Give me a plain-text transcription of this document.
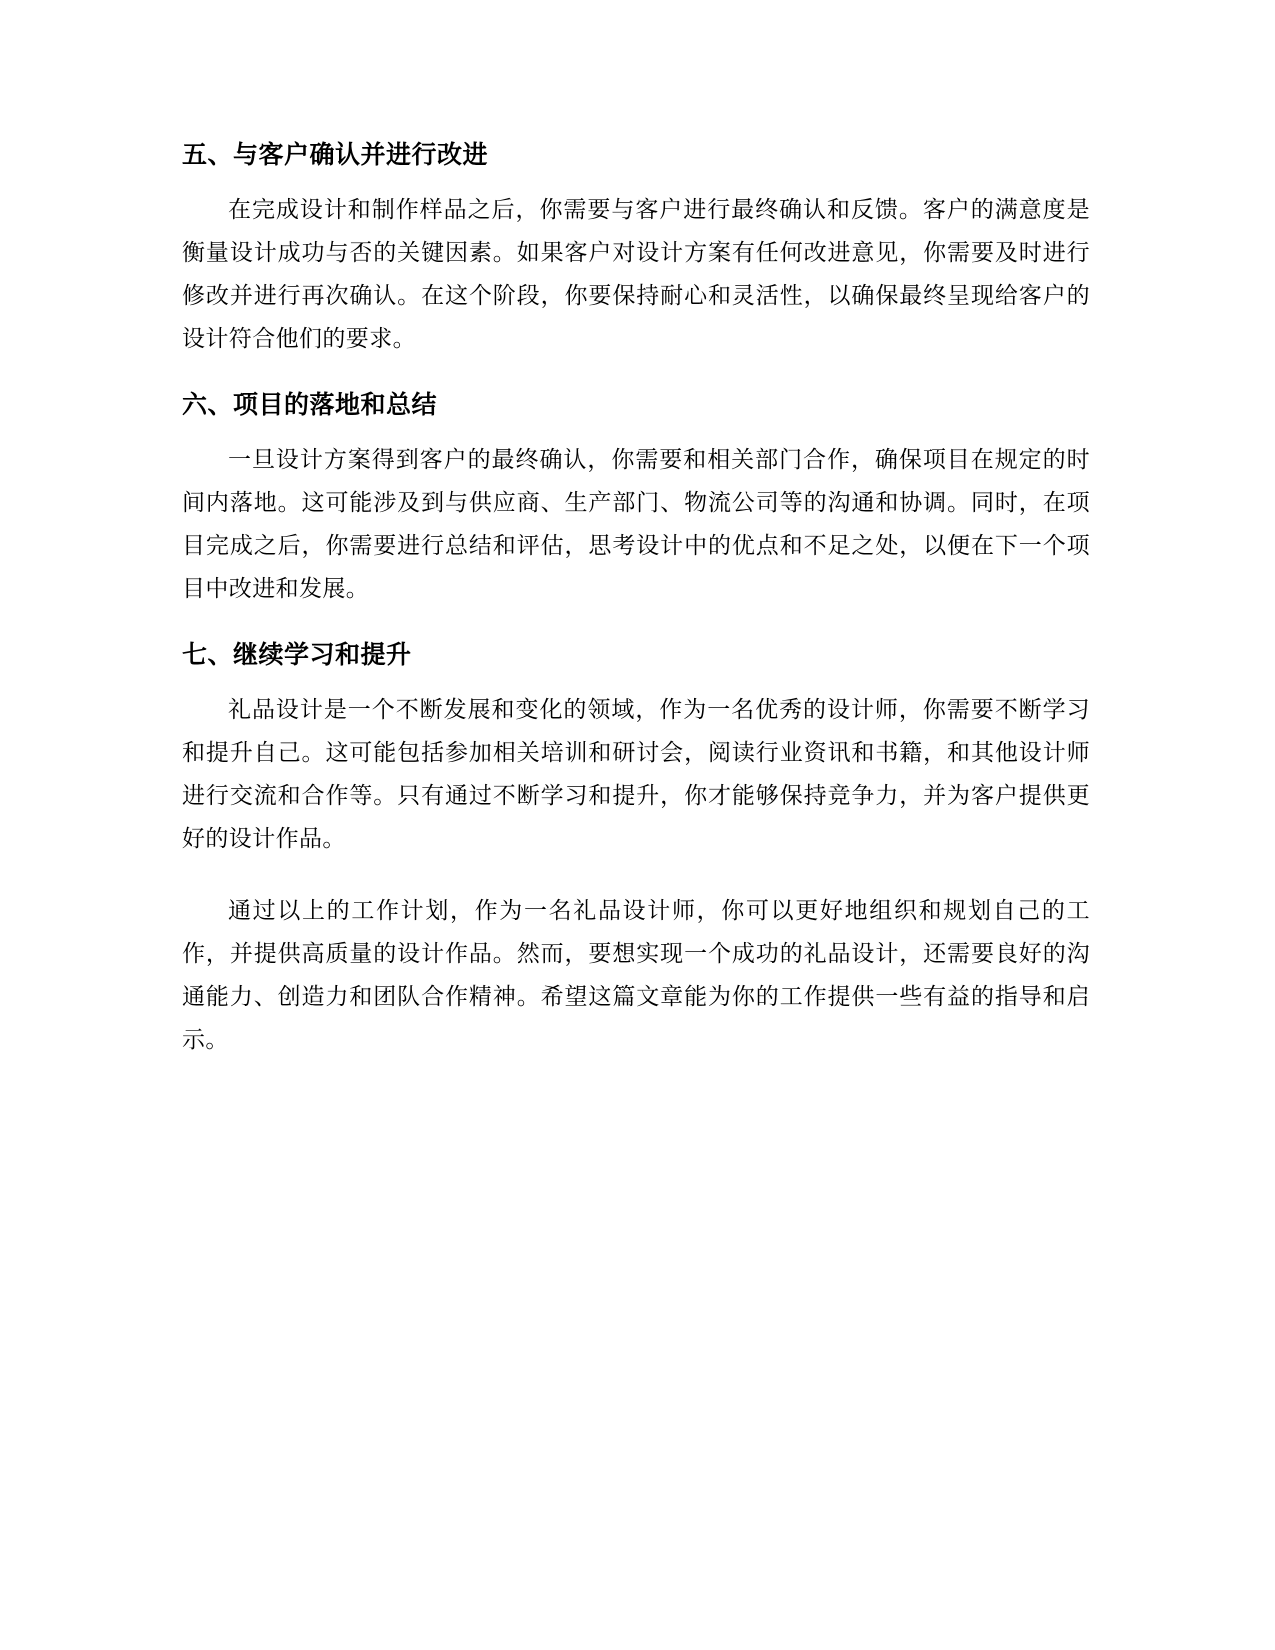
五、与客户确认并进行改进

在完成设计和制作样品之后，你需要与客户进行最终确认和反馈。客户的满意度是衡量设计成功与否的关键因素。如果客户对设计方案有任何改进意见，你需要及时进行修改并进行再次确认。在这个阶段，你要保持耐心和灵活性，以确保最终呈现给客户的设计符合他们的要求。

六、项目的落地和总结

一旦设计方案得到客户的最终确认，你需要和相关部门合作，确保项目在规定的时间内落地。这可能涉及到与供应商、生产部门、物流公司等的沟通和协调。同时，在项目完成之后，你需要进行总结和评估，思考设计中的优点和不足之处，以便在下一个项目中改进和发展。

七、继续学习和提升

礼品设计是一个不断发展和变化的领域，作为一名优秀的设计师，你需要不断学习和提升自己。这可能包括参加相关培训和研讨会，阅读行业资讯和书籍，和其他设计师进行交流和合作等。只有通过不断学习和提升，你才能够保持竞争力，并为客户提供更好的设计作品。

通过以上的工作计划，作为一名礼品设计师，你可以更好地组织和规划自己的工作，并提供高质量的设计作品。然而，要想实现一个成功的礼品设计，还需要良好的沟通能力、创造力和团队合作精神。希望这篇文章能为你的工作提供一些有益的指导和启示。
